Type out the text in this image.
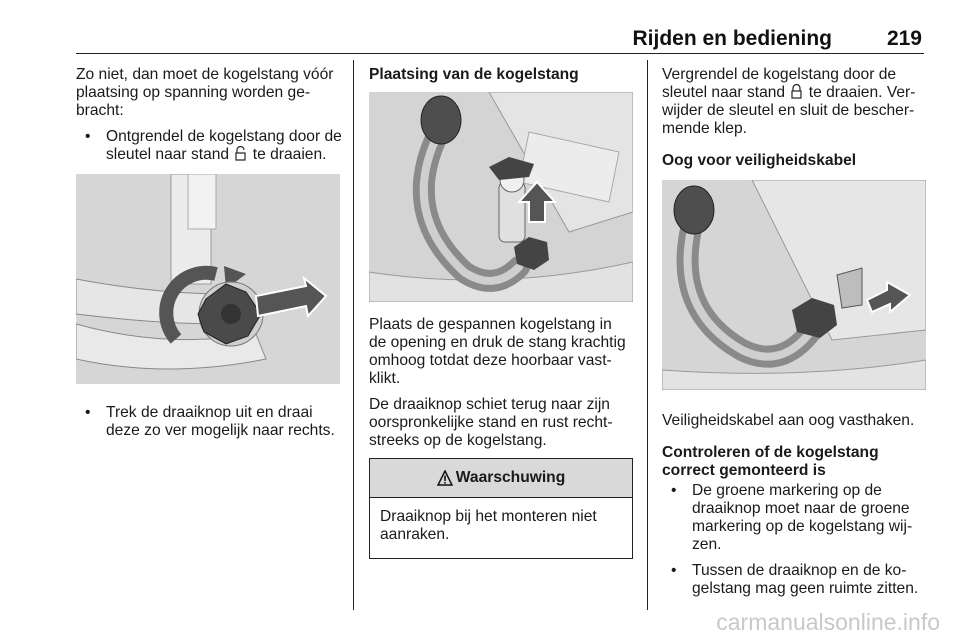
Rijden en bediening	219

Zo niet, dan moet de kogelstang vóór plaatsing op spanning worden ge-bracht:

• Ontgrendel de kogelstang door de sleutel naar stand te draaien.
• Trek de draaiknop uit en draai deze zo ver mogelijk naar rechts.

Plaatsing van de kogelstang

Plaats de gespannen kogelstang in de opening en druk de stang krachtig omhoog totdat deze hoorbaar vast-klikt.

De draaiknop schiet terug naar zijn oorspronkelijke stand en rust recht-streeks op de kogelstang.

Waarschuwing
Draaiknop bij het monteren niet aanraken.

Vergrendel de kogelstang door de sleutel naar stand te draaien. Ver-wijder de sleutel en sluit de bescher-mende klep.

Oog voor veiligheidskabel

Veiligheidskabel aan oog vasthaken.

Controleren of de kogelstang correct gemonteerd is

• De groene markering op de draaiknop moet naar de groene markering op de kogelstang wij-zen.
• Tussen de draaiknop en de ko-gelstang mag geen ruimte zitten.
carmanualsonline.info
